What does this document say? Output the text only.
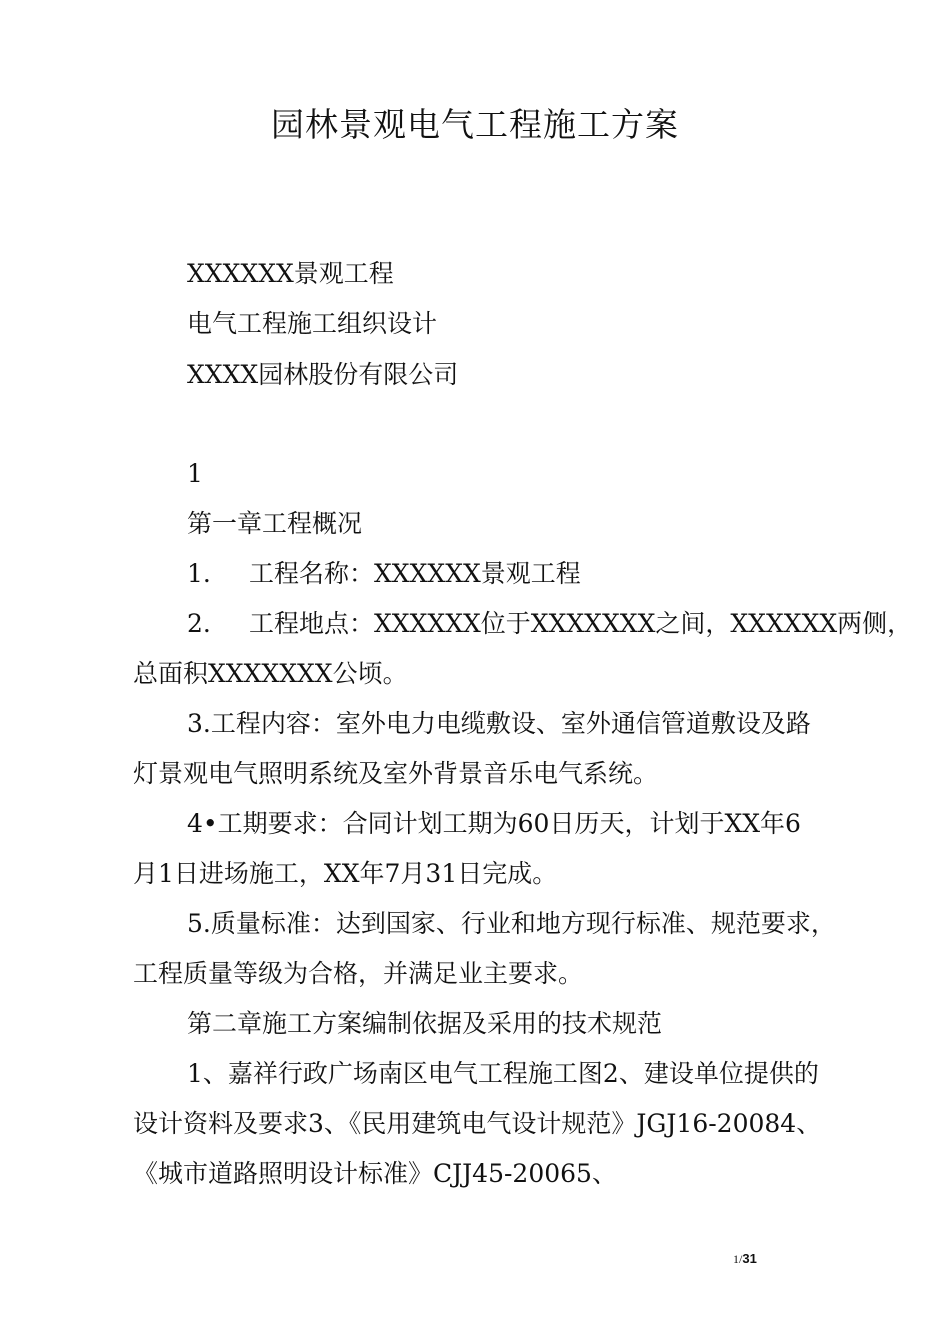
园林景观电气工程施工方案
XXXXXX景观工程
电气工程施工组织设计
XXXX园林股份有限公司
1
第一章工程概况
1. 工程名称：XXXXXX景观工程
2. 工程地点：XXXXXX位于XXXXXXX之间，XXXXXX两侧，
总面积XXXXXXX公顷。
3.工程内容：室外电力电缆敷设、室外通信管道敷设及路
灯景观电气照明系统及室外背景音乐电气系统。
4•工期要求：合同计划工期为60日历天，计划于XX年6
月1日进场施工，XX年7月31日完成。
5.质量标准：达到国家、行业和地方现行标准、规范要求，
工程质量等级为合格，并满足业主要求。
第二章施工方案编制依据及采用的技术规范
1、嘉祥行政广场南区电气工程施工图2、建设单位提供的
设计资料及要求3、《民用建筑电气设计规范》JGJ16-20084、
《城市道路照明设计标准》CJJ45-20065、
1/31
